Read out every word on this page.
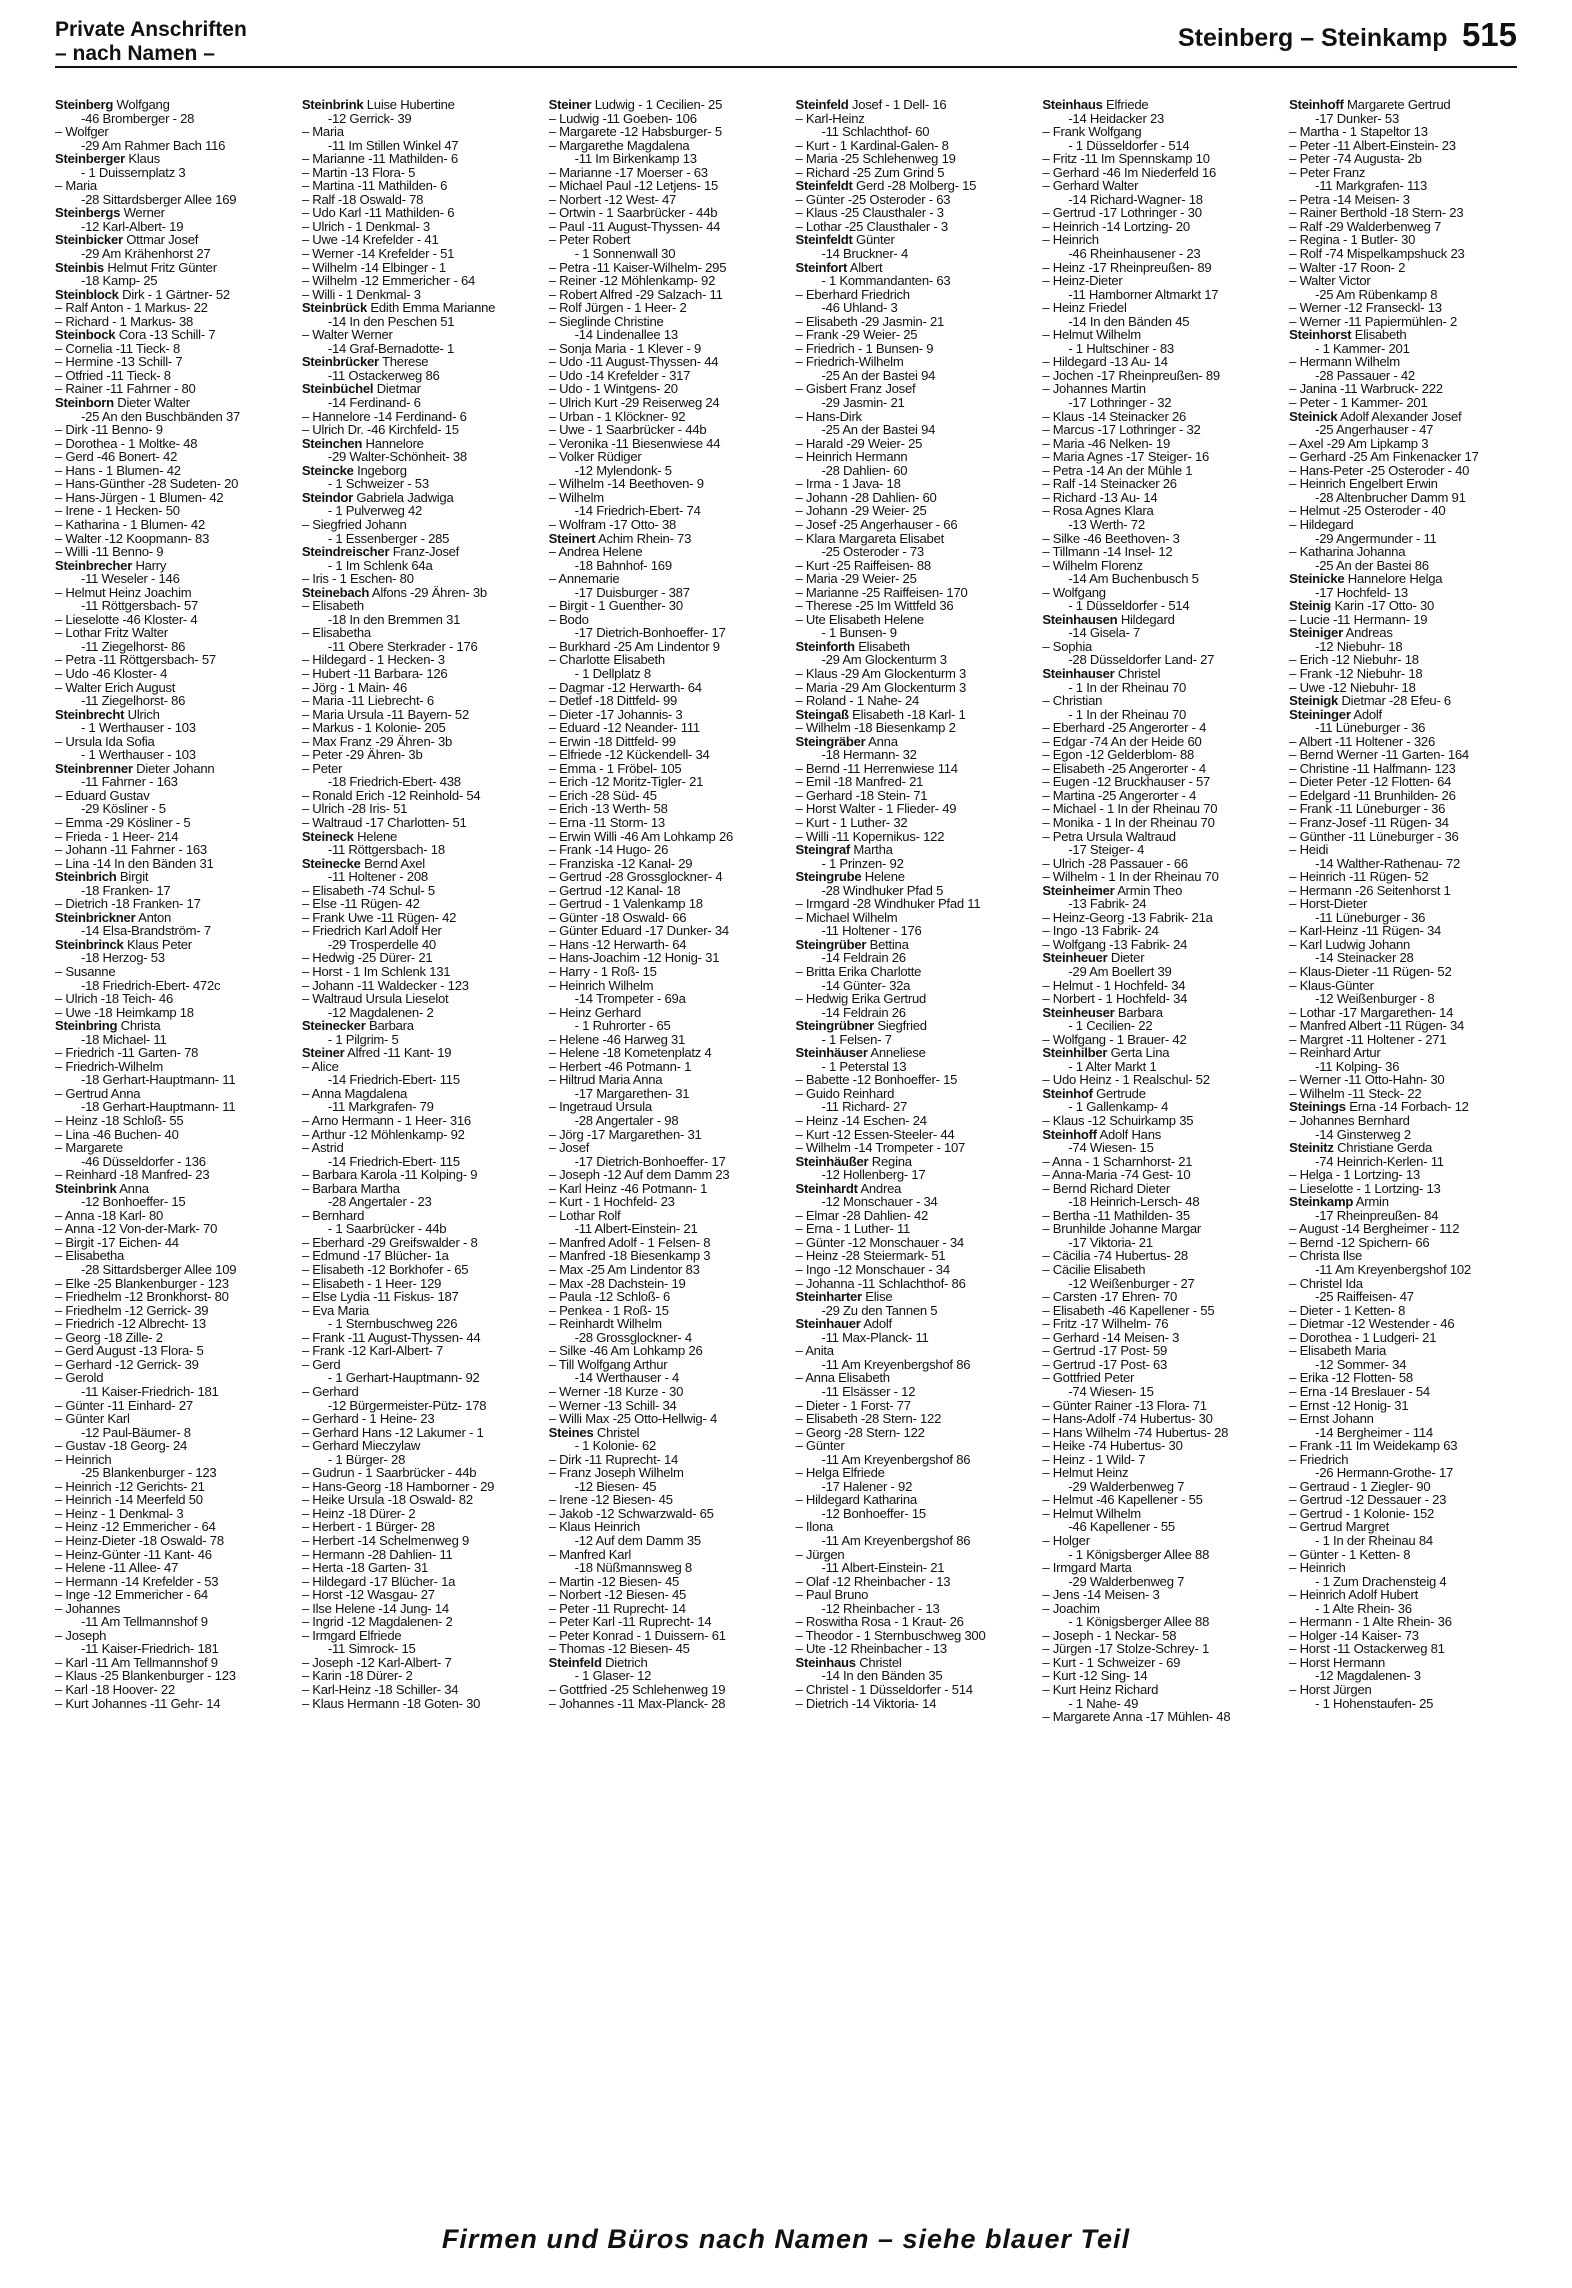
Private Anschriften
– nach Namen –
Steinberg – Steinkamp 515
Steinberg Wolfgang
-46 Bromberger - 28
– Wolfger
-29 Am Rahmer Bach 116
Steinberger Klaus
- 1 Duissernplatz 3
– Maria
-28 Sittardsberger Allee 169
Steinbergs Werner
-12 Karl-Albert- 19
Steinbicker Ottmar Josef
-29 Am Krähenhorst 27
Steinbis Helmut Fritz Günter
-18 Kamp- 25
Steinblock Dirk - 1 Gärtner- 52
– Ralf Anton - 1 Markus- 22
– Richard - 1 Markus- 38
Steinbock Cora -13 Schill- 7
– Cornelia -11 Tieck- 8
– Hermine -13 Schill- 7
– Otfried -11 Tieck- 8
– Rainer -11 Fahrner - 80
Steinborn Dieter Walter
-25 An den Buschbänden 37
– Dirk -11 Benno- 9
– Dorothea - 1 Moltke- 48
– Gerd -46 Bonert- 42
– Hans - 1 Blumen- 42
– Hans-Günther -28 Sudeten- 20
– Hans-Jürgen - 1 Blumen- 42
– Irene - 1 Hecken- 50
– Katharina - 1 Blumen- 42
– Walter -12 Koopmann- 83
– Willi -11 Benno- 9
Steinbrecher Harry
-11 Weseler - 146
– Helmut Heinz Joachim
-11 Röttgersbach- 57
– Lieselotte -46 Kloster- 4
– Lothar Fritz Walter
-11 Ziegelhorst- 86
– Petra -11 Röttgersbach- 57
– Udo -46 Kloster- 4
– Walter Erich August
-11 Ziegelhorst- 86
Steinbrecht Ulrich
- 1 Werthauser - 103
– Ursula Ida Sofia
- 1 Werthauser - 103
Steinbrenner Dieter Johann
-11 Fahrner - 163
– Eduard Gustav
-29 Kösliner - 5
– Emma -29 Kösliner - 5
– Frieda - 1 Heer- 214
– Johann -11 Fahrner - 163
– Lina -14 In den Bänden 31
Steinbrich Birgit
-18 Franken- 17
– Dietrich -18 Franken- 17
Steinbrickner Anton
-14 Elsa-Brandström- 7
Steinbrinck Klaus Peter
-18 Herzog- 53
– Susanne
-18 Friedrich-Ebert- 472c
– Ulrich -18 Teich- 46
– Uwe -18 Heimkamp 18
Steinbring Christa
-18 Michael- 11
– Friedrich -11 Garten- 78
– Friedrich-Wilhelm
-18 Gerhart-Hauptmann- 11
– Gertrud Anna
-18 Gerhart-Hauptmann- 11
– Heinz -18 Schloß- 55
– Lina -46 Buchen- 40
– Margarete
-46 Düsseldorfer - 136
– Reinhard -18 Manfred- 23
Steinbrink Anna
-12 Bonhoeffer- 15
– Anna -18 Karl- 80
– Anna -12 Von-der-Mark- 70
– Birgit -17 Eichen- 44
– Elisabetha
-28 Sittardsberger Allee 109
– Elke -25 Blankenburger - 123
– Friedhelm -12 Bronkhorst- 80
– Friedhelm -12 Gerrick- 39
– Friedrich -12 Albrecht- 13
– Georg -18 Zille- 2
– Gerd August -13 Flora- 5
– Gerhard -12 Gerrick- 39
– Gerold
-11 Kaiser-Friedrich- 181
– Günter -11 Einhard- 27
– Günter Karl
-12 Paul-Bäumer- 8
– Gustav -18 Georg- 24
– Heinrich
-25 Blankenburger - 123
– Heinrich -12 Gerichts- 21
– Heinrich -14 Meerfeld 50
– Heinz - 1 Denkmal- 3
– Heinz -12 Emmericher - 64
– Heinz-Dieter -18 Oswald- 78
– Heinz-Günter -11 Kant- 46
– Helene -11 Allee- 47
– Hermann -14 Krefelder - 53
– Inge -12 Emmericher - 64
– Johannes
-11 Am Tellmannshof 9
– Joseph
-11 Kaiser-Friedrich- 181
– Karl -11 Am Tellmannshof 9
– Klaus -25 Blankenburger - 123
– Karl -18 Hoover- 22
– Kurt Johannes -11 Gehr- 14
Steinbrink Luise Hubertine
-12 Gerrick- 39
– Maria
-11 Im Stillen Winkel 47
– Marianne -11 Mathilden- 6
– Martin -13 Flora- 5
– Martina -11 Mathilden- 6
– Ralf -18 Oswald- 78
– Udo Karl -11 Mathilden- 6
– Ulrich - 1 Denkmal- 3
– Uwe -14 Krefelder - 41
– Werner -14 Krefelder - 51
– Wilhelm -14 Elbinger - 1
– Wilhelm -12 Emmericher - 64
– Willi - 1 Denkmal- 3
Steinbrück Edith Emma Marianne
-14 In den Peschen 51
– Walter Werner
-14 Graf-Bernadotte- 1
Steinbrücker Therese
-11 Ostackerweg 86
Steinbüchel Dietmar
-14 Ferdinand- 6
– Hannelore -14 Ferdinand- 6
– Ulrich Dr. -46 Kirchfeld- 15
Steinchen Hannelore
-29 Walter-Schönheit- 38
Steincke Ingeborg
- 1 Schweizer - 53
Steindor Gabriela Jadwiga
- 1 Pulverweg 42
– Siegfried Johann
- 1 Essenberger - 285
Steindreischer Franz-Josef
- 1 Im Schlenk 64a
– Iris - 1 Eschen- 80
Steinebach Alfons -29 Ähren- 3b
– Elisabeth
-18 In den Bremmen 31
– Elisabetha
-11 Obere Sterkrader - 176
– Hildegard - 1 Hecken- 3
– Hubert -11 Barbara- 126
– Jörg - 1 Main- 46
– Maria -11 Liebrecht- 6
– Maria Ursula -11 Bayern- 52
– Markus - 1 Kolonie- 205
– Max Franz -29 Ähren- 3b
– Peter -29 Ähren- 3b
– Peter
-18 Friedrich-Ebert- 438
– Ronald Erich -12 Reinhold- 54
– Ulrich -28 Iris- 51
– Waltraud -17 Charlotten- 51
Steineck Helene
-11 Röttgersbach- 18
Steinecke Bernd Axel
-11 Holtener - 208
– Elisabeth -74 Schul- 5
– Else -11 Rügen- 42
– Frank Uwe -11 Rügen- 42
– Friedrich Karl Adolf Her
-29 Trosperdelle 40
– Hedwig -25 Dürer- 21
– Horst - 1 Im Schlenk 131
– Johann -11 Waldecker - 123
– Waltraud Ursula Lieselot
-12 Magdalenen- 2
Steinecker Barbara
- 1 Pilgrim- 5
Steiner Alfred -11 Kant- 19
– Alice
-14 Friedrich-Ebert- 115
– Anna Magdalena
-11 Markgrafen- 79
– Arno Hermann - 1 Heer- 316
– Arthur -12 Möhlenkamp- 92
– Astrid
-14 Friedrich-Ebert- 115
– Barbara Karola -11 Kolping- 9
– Barbara Martha
-28 Angertaler - 23
– Bernhard
- 1 Saarbrücker - 44b
– Eberhard -29 Greifswalder - 8
– Edmund -17 Blücher- 1a
– Elisabeth -12 Borkhofer - 65
– Elisabeth - 1 Heer- 129
– Else Lydia -11 Fiskus- 187
– Eva Maria
- 1 Sternbuschweg 226
– Frank -11 August-Thyssen- 44
– Frank -12 Karl-Albert- 7
– Gerd
- 1 Gerhart-Hauptmann- 92
– Gerhard
-12 Bürgermeister-Pütz- 178
– Gerhard - 1 Heine- 23
– Gerhard Hans -12 Lakumer - 1
– Gerhard Mieczylaw
- 1 Bürger- 28
– Gudrun - 1 Saarbrücker - 44b
– Hans-Georg -18 Hamborner - 29
– Heike Ursula -18 Oswald- 82
– Heinz -18 Dürer- 2
– Herbert - 1 Bürger- 28
– Herbert -14 Schelmenweg 9
– Hermann -28 Dahlien- 11
– Herta -18 Garten- 31
– Hildegard -17 Blücher- 1a
– Horst -12 Wasgau- 27
– Ilse Helene -14 Jung- 14
– Ingrid -12 Magdalenen- 2
– Irmgard Elfriede
-11 Simrock- 15
– Joseph -12 Karl-Albert- 7
– Karin -18 Dürer- 2
– Karl-Heinz -18 Schiller- 34
– Klaus Hermann -18 Goten- 30
Steiner Ludwig - 1 Cecilien- 25
– Ludwig -11 Goeben- 106
– Margarete -12 Habsburger- 5
– Margarethe Magdalena
-11 Im Birkenkamp 13
– Marianne -17 Moerser - 63
– Michael Paul -12 Letjens- 15
– Norbert -12 West- 47
– Ortwin - 1 Saarbrücker - 44b
– Paul -11 August-Thyssen- 44
– Peter Robert
- 1 Sonnenwall 30
– Petra -11 Kaiser-Wilhelm- 295
– Reiner -12 Möhlenkamp- 92
– Robert Alfred -29 Salzach- 11
– Rolf Jürgen - 1 Heer- 2
– Sieglinde Christine
-14 Lindenallee 13
– Sonja Maria - 1 Klever - 9
– Udo -11 August-Thyssen- 44
– Udo -14 Krefelder - 317
– Udo - 1 Wintgens- 20
– Ulrich Kurt -29 Reiserweg 24
– Urban - 1 Klöckner- 92
– Uwe - 1 Saarbrücker - 44b
– Veronika -11 Biesenwiese 44
– Volker Rüdiger
-12 Mylendonk- 5
– Wilhelm -14 Beethoven- 9
– Wilhelm
-14 Friedrich-Ebert- 74
– Wolfram -17 Otto- 38
Steinert Achim Rhein- 73
– Andrea Helene
-18 Bahnhof- 169
– Annemarie
-17 Duisburger - 387
– Birgit - 1 Guenther- 30
– Bodo
-17 Dietrich-Bonhoeffer- 17
– Burkhard -25 Am Lindentor 9
– Charlotte Elisabeth
- 1 Dellplatz 8
– Dagmar -12 Herwarth- 64
– Detlef -18 Dittfeld- 99
– Dieter -17 Johannis- 3
– Eduard -12 Neander- 111
– Erwin -18 Dittfeld- 99
– Elfriede -12 Kückendell- 34
– Emma - 1 Fröbel- 105
– Erich -12 Moritz-Tigler- 21
– Erich -28 Süd- 45
– Erich -13 Werth- 58
– Erna -11 Storm- 13
– Erwin Willi -46 Am Lohkamp 26
– Frank -14 Hugo- 26
– Franziska -12 Kanal- 29
– Gertrud -28 Grossglockner- 4
– Gertrud -12 Kanal- 18
– Gertrud - 1 Valenkamp 18
– Günter -18 Oswald- 66
– Günter Eduard -17 Dunker- 34
– Hans -12 Herwarth- 64
– Hans-Joachim -12 Honig- 31
– Harry - 1 Roß- 15
– Heinrich Wilhelm
-14 Trompeter - 69a
– Heinz Gerhard
- 1 Ruhrorter - 65
– Helene -46 Harweg 31
– Helene -18 Kometenplatz 4
– Herbert -46 Potmann- 1
– Hiltrud Maria Anna
-17 Margarethen- 31
– Ingetraud Ursula
-28 Angertaler - 98
– Jörg -17 Margarethen- 31
– Josef
-17 Dietrich-Bonhoeffer- 17
– Joseph -12 Auf dem Damm 23
– Karl Heinz -46 Potmann- 1
– Kurt - 1 Hochfeld- 23
– Lothar Rolf
-11 Albert-Einstein- 21
– Manfred Adolf - 1 Felsen- 8
– Manfred -18 Biesenkamp 3
– Max -25 Am Lindentor 83
– Max -28 Dachstein- 19
– Paula -12 Schloß- 6
– Penkea - 1 Roß- 15
– Reinhardt Wilhelm
-28 Grossglockner- 4
– Silke -46 Am Lohkamp 26
– Till Wolfgang Arthur
-14 Werthauser - 4
– Werner -18 Kurze - 30
– Werner -13 Schill- 34
– Willi Max -25 Otto-Hellwig- 4
Steines Christel
- 1 Kolonie- 62
– Dirk -11 Ruprecht- 14
– Franz Joseph Wilhelm
-12 Biesen- 45
– Irene -12 Biesen- 45
– Jakob -12 Schwarzwald- 65
– Klaus Heinrich
-12 Auf dem Damm 35
– Manfred Karl
-18 Nüßmannsweg 8
– Martin -12 Biesen- 45
– Norbert -12 Biesen- 45
– Peter -11 Ruprecht- 14
– Peter Karl -11 Ruprecht- 14
– Peter Konrad - 1 Duissern- 61
– Thomas -12 Biesen- 45
Steinfeld Dietrich
- 1 Glaser- 12
– Gottfried -25 Schlehenweg 19
– Johannes -11 Max-Planck- 28
Steinfeld Josef - 1 Dell- 16
– Karl-Heinz
-11 Schlachthof- 60
– Kurt - 1 Kardinal-Galen- 8
– Maria -25 Schlehenweg 19
– Richard -25 Zum Grind 5
Steinfeldt Gerd -28 Molberg- 15
– Günter -25 Osteroder - 63
– Klaus -25 Clausthaler - 3
– Lothar -25 Clausthaler - 3
Steinfeldt Günter
-14 Bruckner- 4
Steinfort Albert
- 1 Kommandanten- 63
– Eberhard Friedrich
-46 Uhland- 3
– Elisabeth -29 Jasmin- 21
– Frank -29 Weier- 25
– Friedrich - 1 Bunsen- 9
– Friedrich-Wilhelm
-25 An der Bastei 94
– Gisbert Franz Josef
-29 Jasmin- 21
– Hans-Dirk
-25 An der Bastei 94
– Harald -29 Weier- 25
– Heinrich Hermann
-28 Dahlien- 60
– Irma - 1 Java- 18
– Johann -28 Dahlien- 60
– Johann -29 Weier- 25
– Josef -25 Angerhauser - 66
– Klara Margareta Elisabet
-25 Osteroder - 73
– Kurt -25 Raiffeisen- 88
– Maria -29 Weier- 25
– Marianne -25 Raiffeisen- 170
– Therese -25 Im Wittfeld 36
– Ute Elisabeth Helene
- 1 Bunsen- 9
Steinforth Elisabeth
-29 Am Glockenturm 3
– Klaus -29 Am Glockenturm 3
– Maria -29 Am Glockenturm 3
– Roland - 1 Nahe- 24
Steingaß Elisabeth -18 Karl- 1
– Wilhelm -18 Biesenkamp 2
Steingräber Anna
-18 Hermann- 32
– Bernd -11 Herrenwiese 114
– Emil -18 Manfred- 21
– Gerhard -18 Stein- 71
– Horst Walter - 1 Flieder- 49
– Kurt - 1 Luther- 32
– Willi -11 Kopernikus- 122
Steingraf Martha
- 1 Prinzen- 92
Steingrube Helene
-28 Windhuker Pfad 5
– Irmgard -28 Windhuker Pfad 11
– Michael Wilhelm
-11 Holtener - 176
Steingrüber Bettina
-14 Feldrain 26
– Britta Erika Charlotte
-14 Günter- 32a
– Hedwig Erika Gertrud
-14 Feldrain 26
Steingrübner Siegfried
- 1 Felsen- 7
Steinhäuser Anneliese
- 1 Peterstal 13
– Babette -12 Bonhoeffer- 15
– Guido Reinhard
-11 Richard- 27
– Heinz -14 Eschen- 24
– Kurt -12 Essen-Steeler- 44
– Wilhelm -14 Trompeter - 107
Steinhäußer Regina
-12 Hollenberg- 17
Steinhardt Andrea
-12 Monschauer - 34
– Elmar -28 Dahlien- 42
– Erna - 1 Luther- 11
– Günter -12 Monschauer - 34
– Heinz -28 Steiermark- 51
– Ingo -12 Monschauer - 34
– Johanna -11 Schlachthof- 86
Steinharter Elise
-29 Zu den Tannen 5
Steinhauer Adolf
-11 Max-Planck- 11
– Anita
-11 Am Kreyenbergshof 86
– Anna Elisabeth
-11 Elsässer - 12
– Dieter - 1 Forst- 77
– Elisabeth -28 Stern- 122
– Georg -28 Stern- 122
– Günter
-11 Am Kreyenbergshof 86
– Helga Elfriede
-17 Halener - 92
– Hildegard Katharina
-12 Bonhoeffer- 15
– Ilona
-11 Am Kreyenbergshof 86
– Jürgen
-11 Albert-Einstein- 21
– Olaf -12 Rheinbacher - 13
– Paul Bruno
-12 Rheinbacher - 13
– Roswitha Rosa - 1 Kraut- 26
– Theodor - 1 Sternbuschweg 300
– Ute -12 Rheinbacher - 13
Steinhaus Christel
-14 In den Bänden 35
– Christel - 1 Düsseldorfer - 514
– Dietrich -14 Viktoria- 14
Steinhaus Elfriede
-14 Heidacker 23
– Frank Wolfgang
- 1 Düsseldorfer - 514
– Fritz -11 Im Spennskamp 10
– Gerhard -46 Im Niederfeld 16
– Gerhard Walter
-14 Richard-Wagner- 18
– Gertrud -17 Lothringer - 30
– Heinrich -14 Lortzing- 20
– Heinrich
-46 Rheinhausener - 23
– Heinz -17 Rheinpreußen- 89
– Heinz-Dieter
-11 Hamborner Altmarkt 17
– Heinz Friedel
-14 In den Bänden 45
– Helmut Wilhelm
- 1 Hultschiner - 83
– Hildegard -13 Au- 14
– Jochen -17 Rheinpreußen- 89
– Johannes Martin
-17 Lothringer - 32
– Klaus -14 Steinacker 26
– Marcus -17 Lothringer - 32
– Maria -46 Nelken- 19
– Maria Agnes -17 Steiger- 16
– Petra -14 An der Mühle 1
– Ralf -14 Steinacker 26
– Richard -13 Au- 14
– Rosa Agnes Klara
-13 Werth- 72
– Silke -46 Beethoven- 3
– Tillmann -14 Insel- 12
– Wilhelm Florenz
-14 Am Buchenbusch 5
– Wolfgang
- 1 Düsseldorfer - 514
Steinhausen Hildegard
-14 Gisela- 7
– Sophia
-28 Düsseldorfer Land- 27
Steinhauser Christel
- 1 In der Rheinau 70
– Christian
- 1 In der Rheinau 70
– Eberhard -25 Angerorter - 4
– Edgar -74 An der Heide 60
– Egon -12 Gelderblom- 88
– Elisabeth -25 Angerorter - 4
– Eugen -12 Bruckhauser - 57
– Martina -25 Angerorter - 4
– Michael - 1 In der Rheinau 70
– Monika - 1 In der Rheinau 70
– Petra Ursula Waltraud
-17 Steiger- 4
– Ulrich -28 Passauer - 66
– Wilhelm - 1 In der Rheinau 70
Steinheimer Armin Theo
-13 Fabrik- 24
– Heinz-Georg -13 Fabrik- 21a
– Ingo -13 Fabrik- 24
– Wolfgang -13 Fabrik- 24
Steinheuer Dieter
-29 Am Boellert 39
– Helmut - 1 Hochfeld- 34
– Norbert - 1 Hochfeld- 34
Steinheuser Barbara
- 1 Cecilien- 22
– Wolfgang - 1 Brauer- 42
Steinhilber Gerta Lina
- 1 Alter Markt 1
– Udo Heinz - 1 Realschul- 52
Steinhof Gertrude
- 1 Gallenkamp- 4
– Klaus -12 Schuirkamp 35
Steinhoff Adolf Hans
-74 Wiesen- 15
– Anna - 1 Scharnhorst- 21
– Anna-Maria -74 Gest- 10
– Bernd Richard Dieter
-18 Heinrich-Lersch- 48
– Bertha -11 Mathilden- 35
– Brunhilde Johanne Margar
-17 Viktoria- 21
– Cäcilia -74 Hubertus- 28
– Cäcilie Elisabeth
-12 Weißenburger - 27
– Carsten -17 Ehren- 70
– Elisabeth -46 Kapellener - 55
– Fritz -17 Wilhelm- 76
– Gerhard -14 Meisen- 3
– Gertrud -17 Post- 59
– Gertrud -17 Post- 63
– Gottfried Peter
-74 Wiesen- 15
– Günter Rainer -13 Flora- 71
– Hans-Adolf -74 Hubertus- 30
– Hans Wilhelm -74 Hubertus- 28
– Heike -74 Hubertus- 30
– Heinz - 1 Wild- 7
– Helmut Heinz
-29 Walderbenweg 7
– Helmut -46 Kapellener - 55
– Helmut Wilhelm
-46 Kapellener - 55
– Holger
- 1 Königsberger Allee 88
– Irmgard Marta
-29 Walderbenweg 7
– Jens -14 Meisen- 3
– Joachim
- 1 Königsberger Allee 88
– Joseph - 1 Neckar- 58
– Jürgen -17 Stolze-Schrey- 1
– Kurt - 1 Schweizer - 69
– Kurt -12 Sing- 14
– Kurt Heinz Richard
- 1 Nahe- 49
– Margarete Anna -17 Mühlen- 48
Steinhoff Margarete Gertrud
-17 Dunker- 53
– Martha - 1 Stapeltor 13
– Peter -11 Albert-Einstein- 23
– Peter -74 Augusta- 2b
– Peter Franz
-11 Markgrafen- 113
– Petra -14 Meisen- 3
– Rainer Berthold -18 Stern- 23
– Ralf -29 Walderbenweg 7
– Regina - 1 Butler- 30
– Rolf -74 Mispelkampshuck 23
– Walter -17 Roon- 2
– Walter Victor
-25 Am Rübenkamp 8
– Werner -12 Franseckl- 13
– Werner -11 Papiermühlen- 2
Steinhorst Elisabeth
- 1 Kammer- 201
– Hermann Wilhelm
-28 Passauer - 42
– Janina -11 Warbruck- 222
– Peter - 1 Kammer- 201
Steinick Adolf Alexander Josef
-25 Angerhauser - 47
– Axel -29 Am Lipkamp 3
– Gerhard -25 Am Finkenacker 17
– Hans-Peter -25 Osteroder - 40
– Heinrich Engelbert Erwin
-28 Altenbrucher Damm 91
– Helmut -25 Osteroder - 40
– Hildegard
-29 Angermunder - 11
– Katharina Johanna
-25 An der Bastei 86
Steinicke Hannelore Helga
-17 Hochfeld- 13
Steinig Karin -17 Otto- 30
– Lucie -11 Hermann- 19
Steiniger Andreas
-12 Niebuhr- 18
– Erich -12 Niebuhr- 18
– Frank -12 Niebuhr- 18
– Uwe -12 Niebuhr- 18
Steinigk Dietmar -28 Efeu- 6
Steininger Adolf
-11 Lüneburger - 36
– Albert -11 Holtener - 326
– Bernd Werner -11 Garten- 164
– Christine -11 Halfmann- 123
– Dieter Peter -12 Flotten- 64
– Edelgard -11 Brunhilden- 26
– Frank -11 Lüneburger - 36
– Franz-Josef -11 Rügen- 34
– Günther -11 Lüneburger - 36
– Heidi
-14 Walther-Rathenau- 72
– Heinrich -11 Rügen- 52
– Hermann -26 Seitenhorst 1
– Horst-Dieter
-11 Lüneburger - 36
– Karl-Heinz -11 Rügen- 34
– Karl Ludwig Johann
-14 Steinacker 28
– Klaus-Dieter -11 Rügen- 52
– Klaus-Günter
-12 Weißenburger - 8
– Lothar -17 Margarethen- 14
– Manfred Albert -11 Rügen- 34
– Margret -11 Holtener - 271
– Reinhard Artur
-11 Kolping- 36
– Werner -11 Otto-Hahn- 30
– Wilhelm -11 Steck- 22
Steinings Erna -14 Forbach- 12
– Johannes Bernhard
-14 Ginsterweg 2
Steinitz Christiane Gerda
-74 Heinrich-Kerlen- 11
– Helga - 1 Lortzing- 13
– Lieselotte - 1 Lortzing- 13
Steinkamp Armin
-17 Rheinpreußen- 84
– August -14 Bergheimer - 112
– Bernd -12 Spichern- 66
– Christa Ilse
-11 Am Kreyenbergshof 102
– Christel Ida
-25 Raiffeisen- 47
– Dieter - 1 Ketten- 8
– Dietmar -12 Westender - 46
– Dorothea - 1 Ludgeri- 21
– Elisabeth Maria
-12 Sommer- 34
– Erika -12 Flotten- 58
– Erna -14 Breslauer - 54
– Ernst -12 Honig- 31
– Ernst Johann
-14 Bergheimer - 114
– Frank -11 Im Weidekamp 63
– Friedrich
-26 Hermann-Grothe- 17
– Gertraud - 1 Ziegler- 90
– Gertrud -12 Dessauer - 23
– Gertrud - 1 Kolonie- 152
– Gertrud Margret
- 1 In der Rheinau 84
– Günter - 1 Ketten- 8
– Heinrich
- 1 Zum Drachensteig 4
– Heinrich Adolf Hubert
- 1 Alte Rhein- 36
– Hermann - 1 Alte Rhein- 36
– Holger -14 Kaiser- 73
– Horst -11 Ostackerweg 81
– Horst Hermann
-12 Magdalenen- 3
– Horst Jürgen
- 1 Hohenstaufen- 25
Firmen und Büros nach Namen – siehe blauer Teil
